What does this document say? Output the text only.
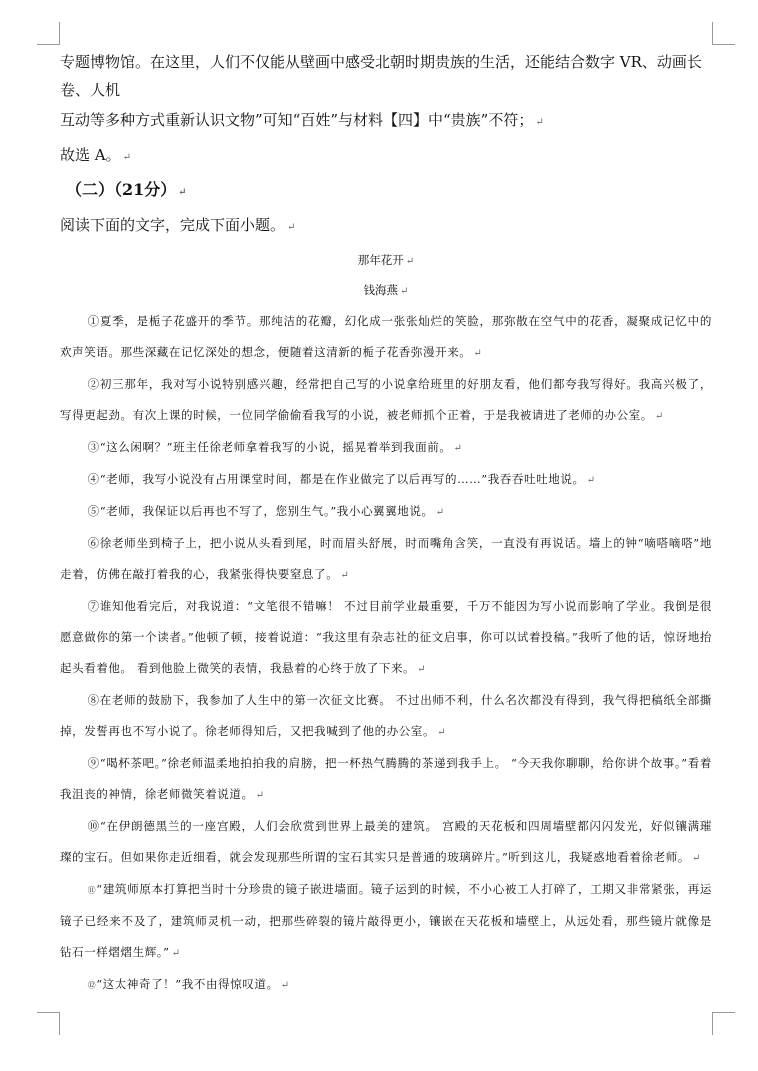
专题博物馆。在这里，人们不仅能从壁画中感受北朝时期贵族的生活，还能结合数字 VR、动画长卷、人机

互动等多种方式重新认识文物”可知“百姓”与材料【四】中“贵族”不符； ↵

故选 A。 ↵

（二）（21分） ↵

阅读下面的文字，完成下面小题。 ↵

那年花开 ↵

钱海燕 ↵

①夏季，是栀子花盛开的季节。那纯洁的花瓣，幻化成一张张灿烂的笑脸，那弥散在空气中的花香，凝聚成记忆中的欢声笑语。那些深藏在记忆深处的想念，便随着这清新的栀子花香弥漫开来。 ↵

②初三那年，我对写小说特别感兴趣，经常把自己写的小说拿给班里的好朋友看，他们都夸我写得好。我高兴极了，写得更起劲。有次上课的时候，一位同学偷偷看我写的小说，被老师抓个正着，于是我被请进了老师的办公室。 ↵

③“这么闲啊？”班主任徐老师拿着我写的小说，摇晃着举到我面前。 ↵

④“老师，我写小说没有占用课堂时间，都是在作业做完了以后再写的……”我吞吞吐吐地说。 ↵

⑤“老师，我保证以后再也不写了，您别生气。”我小心翼翼地说。 ↵

⑥徐老师坐到椅子上，把小说从头看到尾，时而眉头舒展，时而嘴角含笑，一直没有再说话。墙上的钟“嘀嗒嘀嗒”地走着，仿佛在敲打着我的心，我紧张得快要窒息了。 ↵

⑦谁知他看完后，对我说道：“文笔很不错嘛！ 不过目前学业最重要，千万不能因为写小说而影响了学业。我倒是很愿意做你的第一个读者。”他顿了顿，接着说道：“我这里有杂志社的征文启事，你可以试着投稿。”我听了他的话，惊讶地抬起头看着他。 看到他脸上微笑的表情，我悬着的心终于放了下来。 ↵

⑧在老师的鼓励下，我参加了人生中的第一次征文比赛。 不过出师不利，什么名次都没有得到，我气得把稿纸全部撕掉，发誓再也不写小说了。徐老师得知后，又把我喊到了他的办公室。 ↵

⑨“喝杯茶吧。”徐老师温柔地拍拍我的肩膀，把一杯热气腾腾的茶递到我手上。 “今天我你聊聊，给你讲个故事。”看着我沮丧的神情，徐老师微笑着说道。 ↵

⑩“在伊朗德黑兰的一座宫殿，人们会欣赏到世界上最美的建筑。 宫殿的天花板和四周墙壁都闪闪发光，好似镶满璀璨的宝石。但如果你走近细看，就会发现那些所谓的宝石其实只是普通的玻璃碎片。”听到这儿，我疑惑地看着徐老师。 ↵

⑪“建筑师原本打算把当时十分珍贵的镜子嵌进墙面。镜子运到的时候，不小心被工人打碎了，工期又非常紧张，再运镜子已经来不及了，建筑师灵机一动，把那些碎裂的镜片敲得更小，镶嵌在天花板和墙壁上，从远处看，那些镜片就像是钻石一样熠熠生辉。” ↵

⑫“这太神奇了！”我不由得惊叹道。 ↵
